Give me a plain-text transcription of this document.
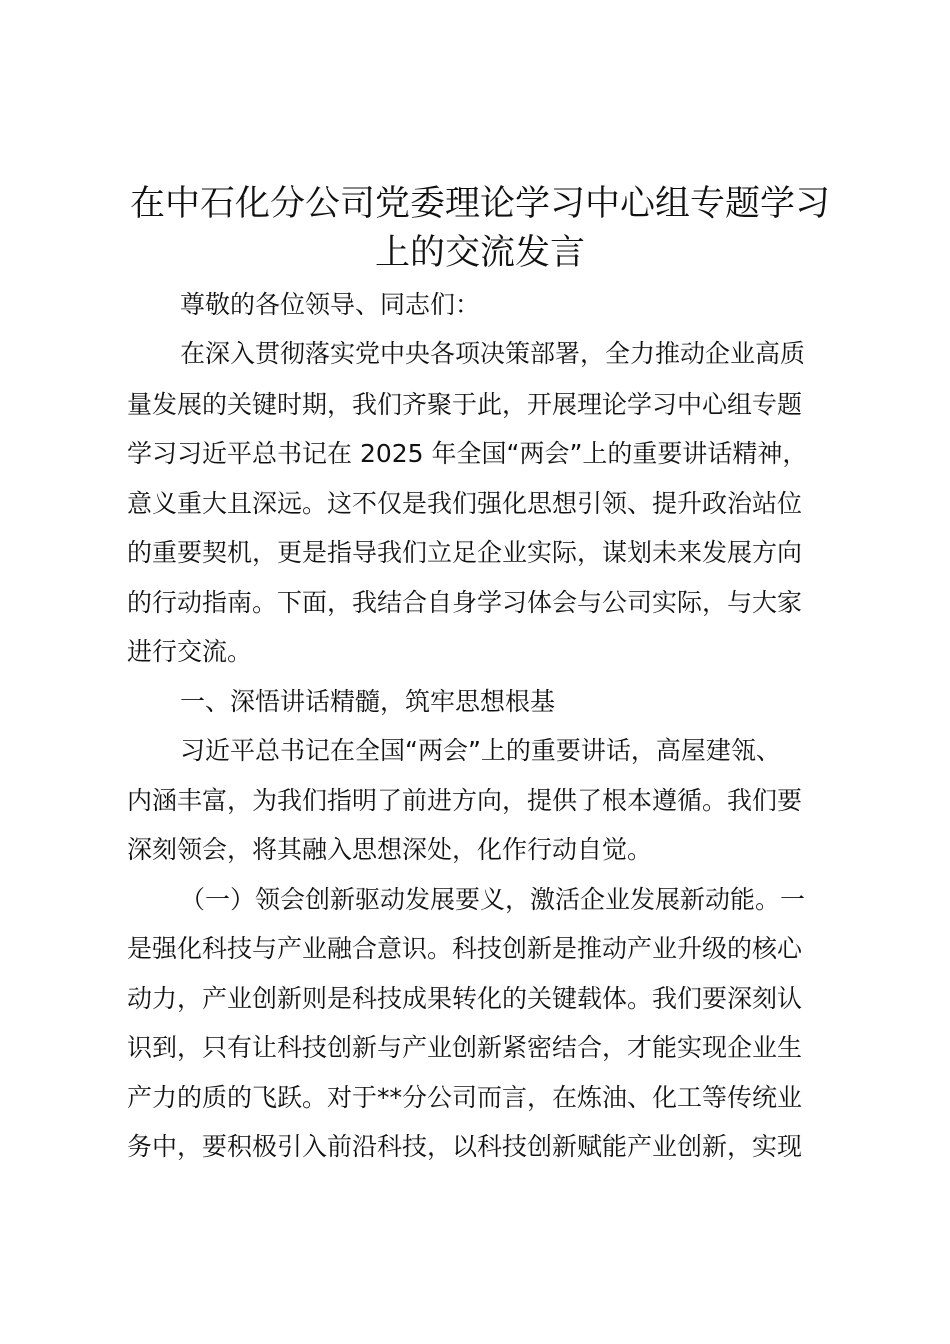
在中石化分公司党委理论学习中心组专题学习
上的交流发言
尊敬的各位领导、同志们：
在深入贯彻落实党中央各项决策部署，全力推动企业高质
量发展的关键时期，我们齐聚于此，开展理论学习中心组专题
学习习近平总书记在 2025 年全国“两会”上的重要讲话精神，
意义重大且深远。这不仅是我们强化思想引领、提升政治站位
的重要契机，更是指导我们立足企业实际，谋划未来发展方向
的行动指南。下面，我结合自身学习体会与公司实际，与大家
进行交流。
一、深悟讲话精髓，筑牢思想根基
习近平总书记在全国“两会”上的重要讲话，高屋建瓴、
内涵丰富，为我们指明了前进方向，提供了根本遵循。我们要
深刻领会，将其融入思想深处，化作行动自觉。
（一）领会创新驱动发展要义，激活企业发展新动能。一
是强化科技与产业融合意识。科技创新是推动产业升级的核心
动力，产业创新则是科技成果转化的关键载体。我们要深刻认
识到，只有让科技创新与产业创新紧密结合，才能实现企业生
产力的质的飞跃。对于**分公司而言，在炼油、化工等传统业
务中，要积极引入前沿科技，以科技创新赋能产业创新，实现
